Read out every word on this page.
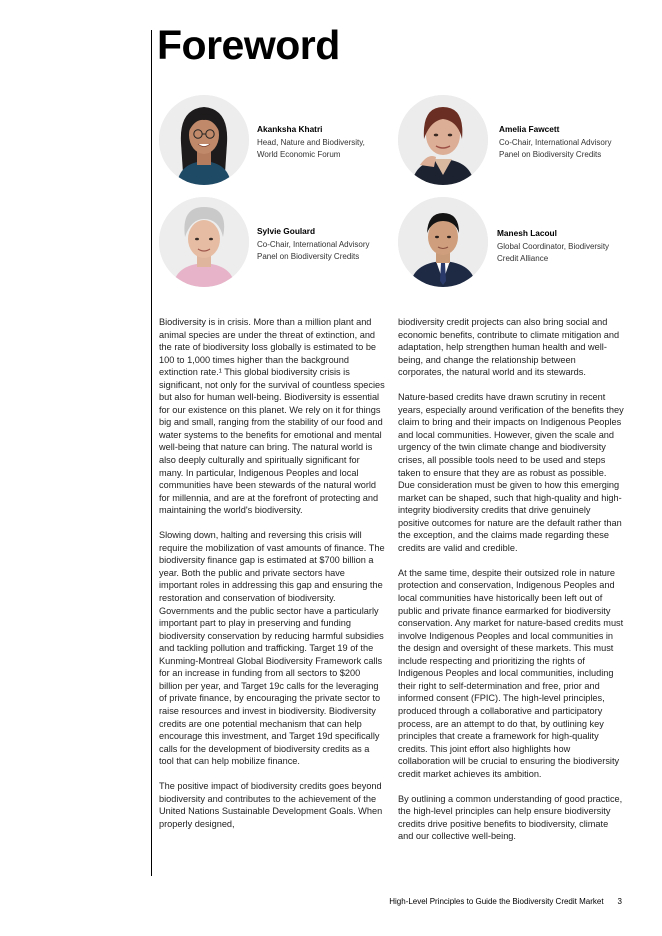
Foreword
Akanksha Khatri
Head, Nature and Biodiversity, World Economic Forum
Amelia Fawcett
Co-Chair, International Advisory Panel on Biodiversity Credits
Sylvie Goulard
Co-Chair, International Advisory Panel on Biodiversity Credits
Manesh Lacoul
Global Coordinator, Biodiversity Credit Alliance

Biodiversity is in crisis. More than a million plant and animal species are under the threat of extinction, and the rate of biodiversity loss globally is estimated to be 100 to 1,000 times higher than the background extinction rate.¹ This global biodiversity crisis is significant, not only for the survival of countless species but also for human well-being. Biodiversity is essential for our existence on this planet. We rely on it for things big and small, ranging from the stability of our food and water systems to the benefits for emotional and mental well-being that nature can bring. The natural world is also deeply culturally and spiritually significant for many. In particular, Indigenous Peoples and local communities have been stewards of the natural world for millennia, and are at the forefront of protecting and maintaining the world's biodiversity.

Slowing down, halting and reversing this crisis will require the mobilization of vast amounts of finance. The biodiversity finance gap is estimated at $700 billion a year. Both the public and private sectors have important roles in addressing this gap and ensuring the restoration and conservation of biodiversity. Governments and the public sector have a particularly important part to play in preserving and funding biodiversity conservation by reducing harmful subsidies and tackling pollution and trafficking. Target 19 of the Kunming-Montreal Global Biodiversity Framework calls for an increase in funding from all sectors to $200 billion per year, and Target 19c calls for the leveraging of private finance, by encouraging the private sector to raise resources and invest in biodiversity. Biodiversity credits are one potential mechanism that can help encourage this investment, and Target 19d specifically calls for the development of biodiversity credits as a tool that can help mobilize finance.

The positive impact of biodiversity credits goes beyond biodiversity and contributes to the achievement of the United Nations Sustainable Development Goals. When properly designed,

biodiversity credit projects can also bring social and economic benefits, contribute to climate mitigation and adaptation, help strengthen human health and well-being, and change the relationship between corporates, the natural world and its stewards.

Nature-based credits have drawn scrutiny in recent years, especially around verification of the benefits they claim to bring and their impacts on Indigenous Peoples and local communities. However, given the scale and urgency of the twin climate change and biodiversity crises, all possible tools need to be used and steps taken to ensure that they are as robust as possible. Due consideration must be given to how this emerging market can be shaped, such that high-quality and high-integrity biodiversity credits that drive genuinely positive outcomes for nature are the default rather than the exception, and the claims made regarding these credits are valid and credible.

At the same time, despite their outsized role in nature protection and conservation, Indigenous Peoples and local communities have historically been left out of public and private finance earmarked for biodiversity conservation. Any market for nature-based credits must involve Indigenous Peoples and local communities in the design and oversight of these markets. This must include respecting and prioritizing the rights of Indigenous Peoples and local communities, including their right to self-determination and free, prior and informed consent (FPIC). The high-level principles, produced through a collaborative and participatory process, are an attempt to do that, by outlining key principles that create a framework for high-quality credits. This joint effort also highlights how collaboration will be crucial to ensuring the biodiversity credit market achieves its ambition.

By outlining a common understanding of good practice, the high-level principles can help ensure biodiversity credits drive positive benefits to biodiversity, climate and our collective well-being.

High-Level Principles to Guide the Biodiversity Credit Market 3
